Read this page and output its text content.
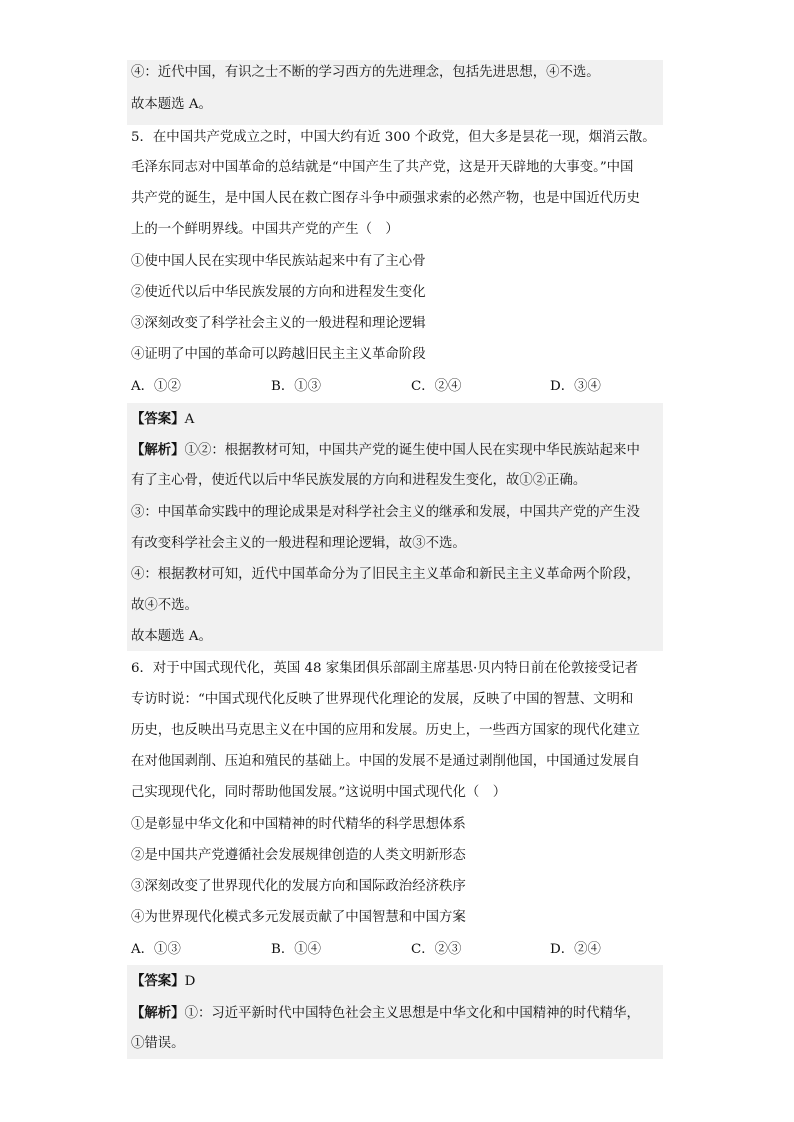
④：近代中国，有识之士不断的学习西方的先进理念，包括先进思想，④不选。
故本题选 A。
5．在中国共产党成立之时，中国大约有近 300 个政党，但大多是昙花一现，烟消云散。
毛泽东同志对中国革命的总结就是“中国产生了共产党，这是开天辟地的大事变。”中国
共产党的诞生，是中国人民在救亡图存斗争中顽强求索的必然产物，也是中国近代历史
上的一个鲜明界线。中国共产党的产生（　）
①使中国人民在实现中华民族站起来中有了主心骨
②使近代以后中华民族发展的方向和进程发生变化
③深刻改变了科学社会主义的一般进程和理论逻辑
④证明了中国的革命可以跨越旧民主主义革命阶段
A．①②	B．①③	C．②④	D．③④
【答案】A
【解析】①②：根据教材可知，中国共产党的诞生使中国人民在实现中华民族站起来中
有了主心骨，使近代以后中华民族发展的方向和进程发生变化，故①②正确。
③：中国革命实践中的理论成果是对科学社会主义的继承和发展，中国共产党的产生没
有改变科学社会主义的一般进程和理论逻辑，故③不选。
④：根据教材可知，近代中国革命分为了旧民主主义革命和新民主主义革命两个阶段，
故④不选。
故本题选 A。
6．对于中国式现代化，英国 48 家集团俱乐部副主席基思·贝内特日前在伦敦接受记者
专访时说：“中国式现代化反映了世界现代化理论的发展，反映了中国的智慧、文明和
历史，也反映出马克思主义在中国的应用和发展。历史上，一些西方国家的现代化建立
在对他国剥削、压迫和殖民的基础上。中国的发展不是通过剥削他国，中国通过发展自
己实现现代化，同时帮助他国发展。”这说明中国式现代化（　）
①是彰显中华文化和中国精神的时代精华的科学思想体系
②是中国共产党遵循社会发展规律创造的人类文明新形态
③深刻改变了世界现代化的发展方向和国际政治经济秩序
④为世界现代化模式多元发展贡献了中国智慧和中国方案
A．①③	B．①④	C．②③	D．②④
【答案】D
【解析】①：习近平新时代中国特色社会主义思想是中华文化和中国精神的时代精华，
①错误。
